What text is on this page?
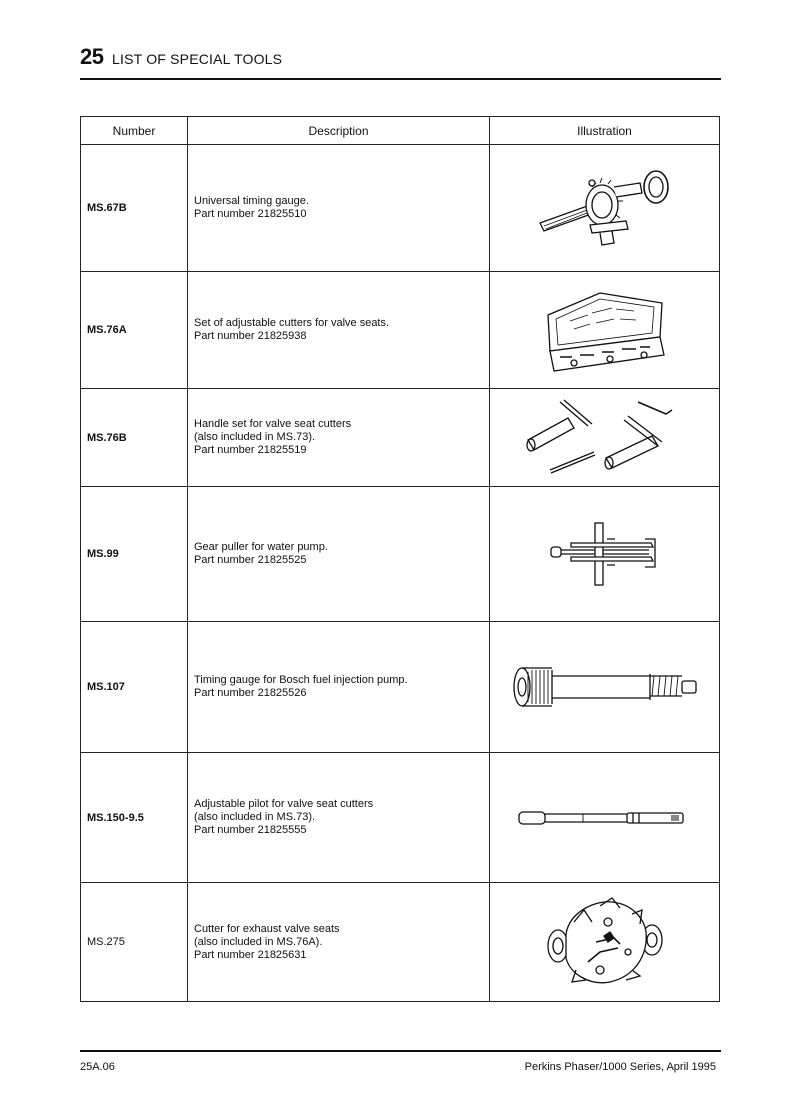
25 LIST OF SPECIAL TOOLS
Number	Description	Illustration
MS.67B	Universal timing gauge.
Part number 21825510

MS.76A	Set of adjustable cutters for valve seats.
Part number 21825938

MS.76B	Handle set for valve seat cutters
(also included in MS.73).
Part number 21825519

MS.99	Gear puller for water pump.
Part number 21825525

MS.107	Timing gauge for Bosch fuel injection pump.
Part number 21825526

MS.150-9.5	Adjustable pilot for valve seat cutters
(also included in MS.73).
Part number 21825555

MS.275	Cutter for exhaust valve seats
(also included in MS.76A).
Part number 21825631

25A.06	Perkins Phaser/1000 Series, April 1995
